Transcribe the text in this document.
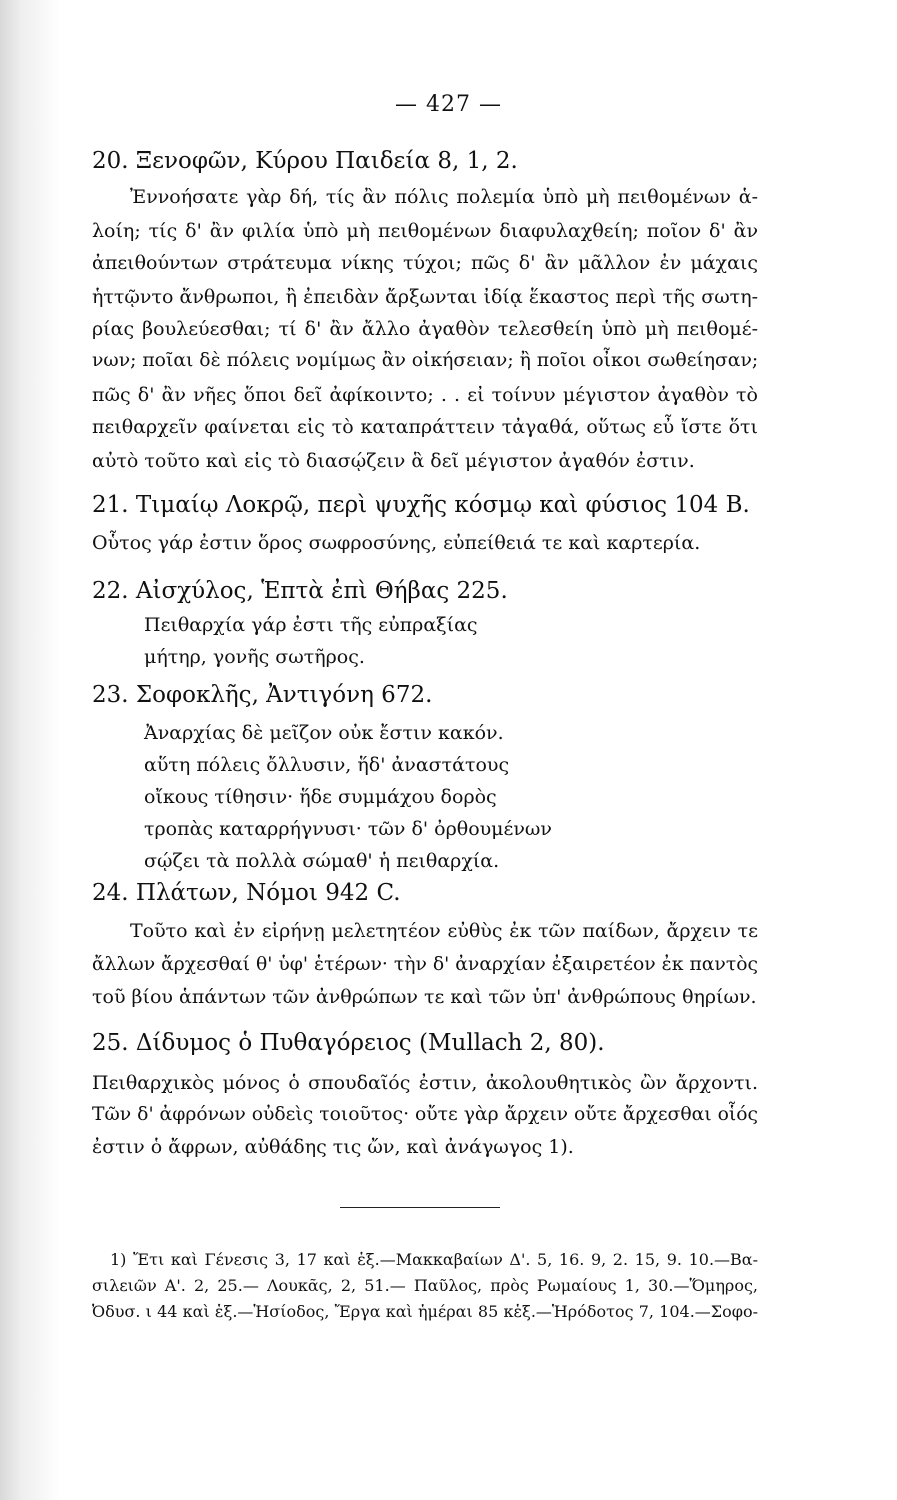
— 427 —
20. Ξενοφῶν, Κύρου Παιδεία 8, 1, 2.
Ἐννοήσατε γὰρ δή, τίς ἂν πόλις πολεμία ὑπὸ μὴ πειθομένων ἁ-
λοίη; τίς δ' ἂν φιλία ὑπὸ μὴ πειθομένων διαφυλαχθείη; ποῖον δ' ἂν
ἀπειθούντων στράτευμα νίκης τύχοι; πῶς δ' ἂν μᾶλλον ἐν μάχαις
ἡττῷντο ἄνθρωποι, ἢ ἐπειδὰν ἄρξωνται ἰδίᾳ ἕκαστος περὶ τῆς σωτη-
ρίας βουλεύεσθαι; τί δ' ἂν ἄλλο ἀγαθὸν τελεσθείη ὑπὸ μὴ πειθομέ-
νων; ποῖαι δὲ πόλεις νομίμως ἂν οἰκήσειαν; ἢ ποῖοι οἶκοι σωθείησαν;
πῶς δ' ἂν νῆες ὅποι δεῖ ἀφίκοιντο; . . εἰ τοίνυν μέγιστον ἀγαθὸν τὸ
πειθαρχεῖν φαίνεται εἰς τὸ καταπράττειν τἀγαθά, οὕτως εὖ ἴστε ὅτι
αὐτὸ τοῦτο καὶ εἰς τὸ διασῴζειν ἃ δεῖ μέγιστον ἀγαθόν ἐστιν.
21. Τιμαίῳ Λοκρῷ, περὶ ψυχῆς κόσμῳ καὶ φύσιος 104 B.
Οὗτος γάρ ἐστιν ὅρος σωφροσύνης, εὐπείθειά τε καὶ καρτερία.
22. Αἰσχύλος, Ἑπτὰ ἐπὶ Θήβας 225.
Πειθαρχία γάρ ἐστι τῆς εὐπραξίας
μήτηρ, γονῆς σωτῆρος.
23. Σοφοκλῆς, Ἀντιγόνη 672.
Ἀναρχίας δὲ μεῖζον οὐκ ἔστιν κακόν.
αὕτη πόλεις ὄλλυσιν, ἥδ' ἀναστάτους
οἴκους τίθησιν· ἥδε συμμάχου δορὸς
τροπὰς καταρρήγνυσι· τῶν δ' ὀρθουμένων
σῴζει τὰ πολλὰ σώμαθ' ἡ πειθαρχία.
24. Πλάτων, Νόμοι 942 C.
Τοῦτο καὶ ἐν εἰρήνῃ μελετητέον εὐθὺς ἐκ τῶν παίδων, ἄρχειν τε
ἄλλων ἄρχεσθαί θ' ὑφ' ἑτέρων· τὴν δ' ἀναρχίαν ἐξαιρετέον ἐκ παντὸς
τοῦ βίου ἁπάντων τῶν ἀνθρώπων τε καὶ τῶν ὑπ' ἀνθρώπους θηρίων.
25. Δίδυμος ὁ Πυθαγόρειος (Mullach 2, 80).
Πειθαρχικὸς μόνος ὁ σπουδαῖός ἐστιν, ἀκολουθητικὸς ὢν ἄρχοντι.
Τῶν δ' ἀφρόνων οὐδεὶς τοιοῦτος· οὔτε γὰρ ἄρχειν οὔτε ἄρχεσθαι οἷός
ἐστιν ὁ ἄφρων, αὐθάδης τις ὤν, καὶ ἀνάγωγος 1).
1) Ἔτι καὶ Γένεσις 3, 17 καὶ ἑξ.—Μακκαβαίων Δ'. 5, 16. 9, 2. 15, 9. 10.—Βα-
σιλειῶν Α'. 2, 25.— Λουκᾶς, 2, 51.— Παῦλος, πρὸς Ρωμαίους 1, 30.—Ὅμηρος,
Ὀδυσ. ι 44 καὶ ἑξ.—Ἡσίοδος, Ἔργα καὶ ἡμέραι 85 κἑξ.—Ἡρόδοτος 7, 104.—Σοφο-
